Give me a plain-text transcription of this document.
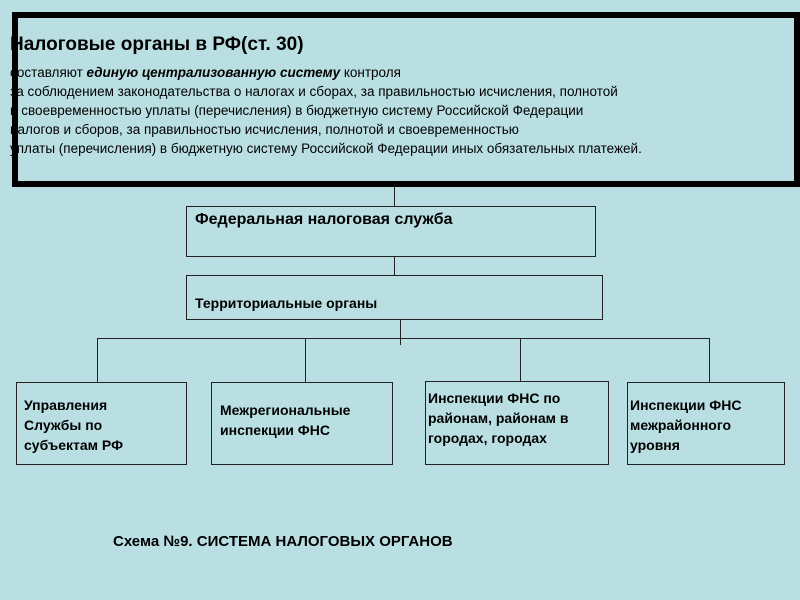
Налоговые органы в РФ(ст. 30)
составляют единую централизованную систему контроля
за соблюдением законодательства о налогах и сборах, за правильностью исчисления, полнотой
и своевременностью уплаты (перечисления) в бюджетную систему Российской Федерации
налогов и сборов, за правильностью исчисления, полнотой и своевременностью
уплаты (перечисления) в бюджетную систему Российской Федерации иных обязательных платежей.
Федеральная налоговая служба
Территориальные органы
Управления Службы по субъектам РФ
Межрегиональные инспекции ФНС
Инспекции ФНС по районам, районам в городах, городах
Инспекции ФНС межрайонного уровня
Схема №9. СИСТЕМА НАЛОГОВЫХ ОРГАНОВ
